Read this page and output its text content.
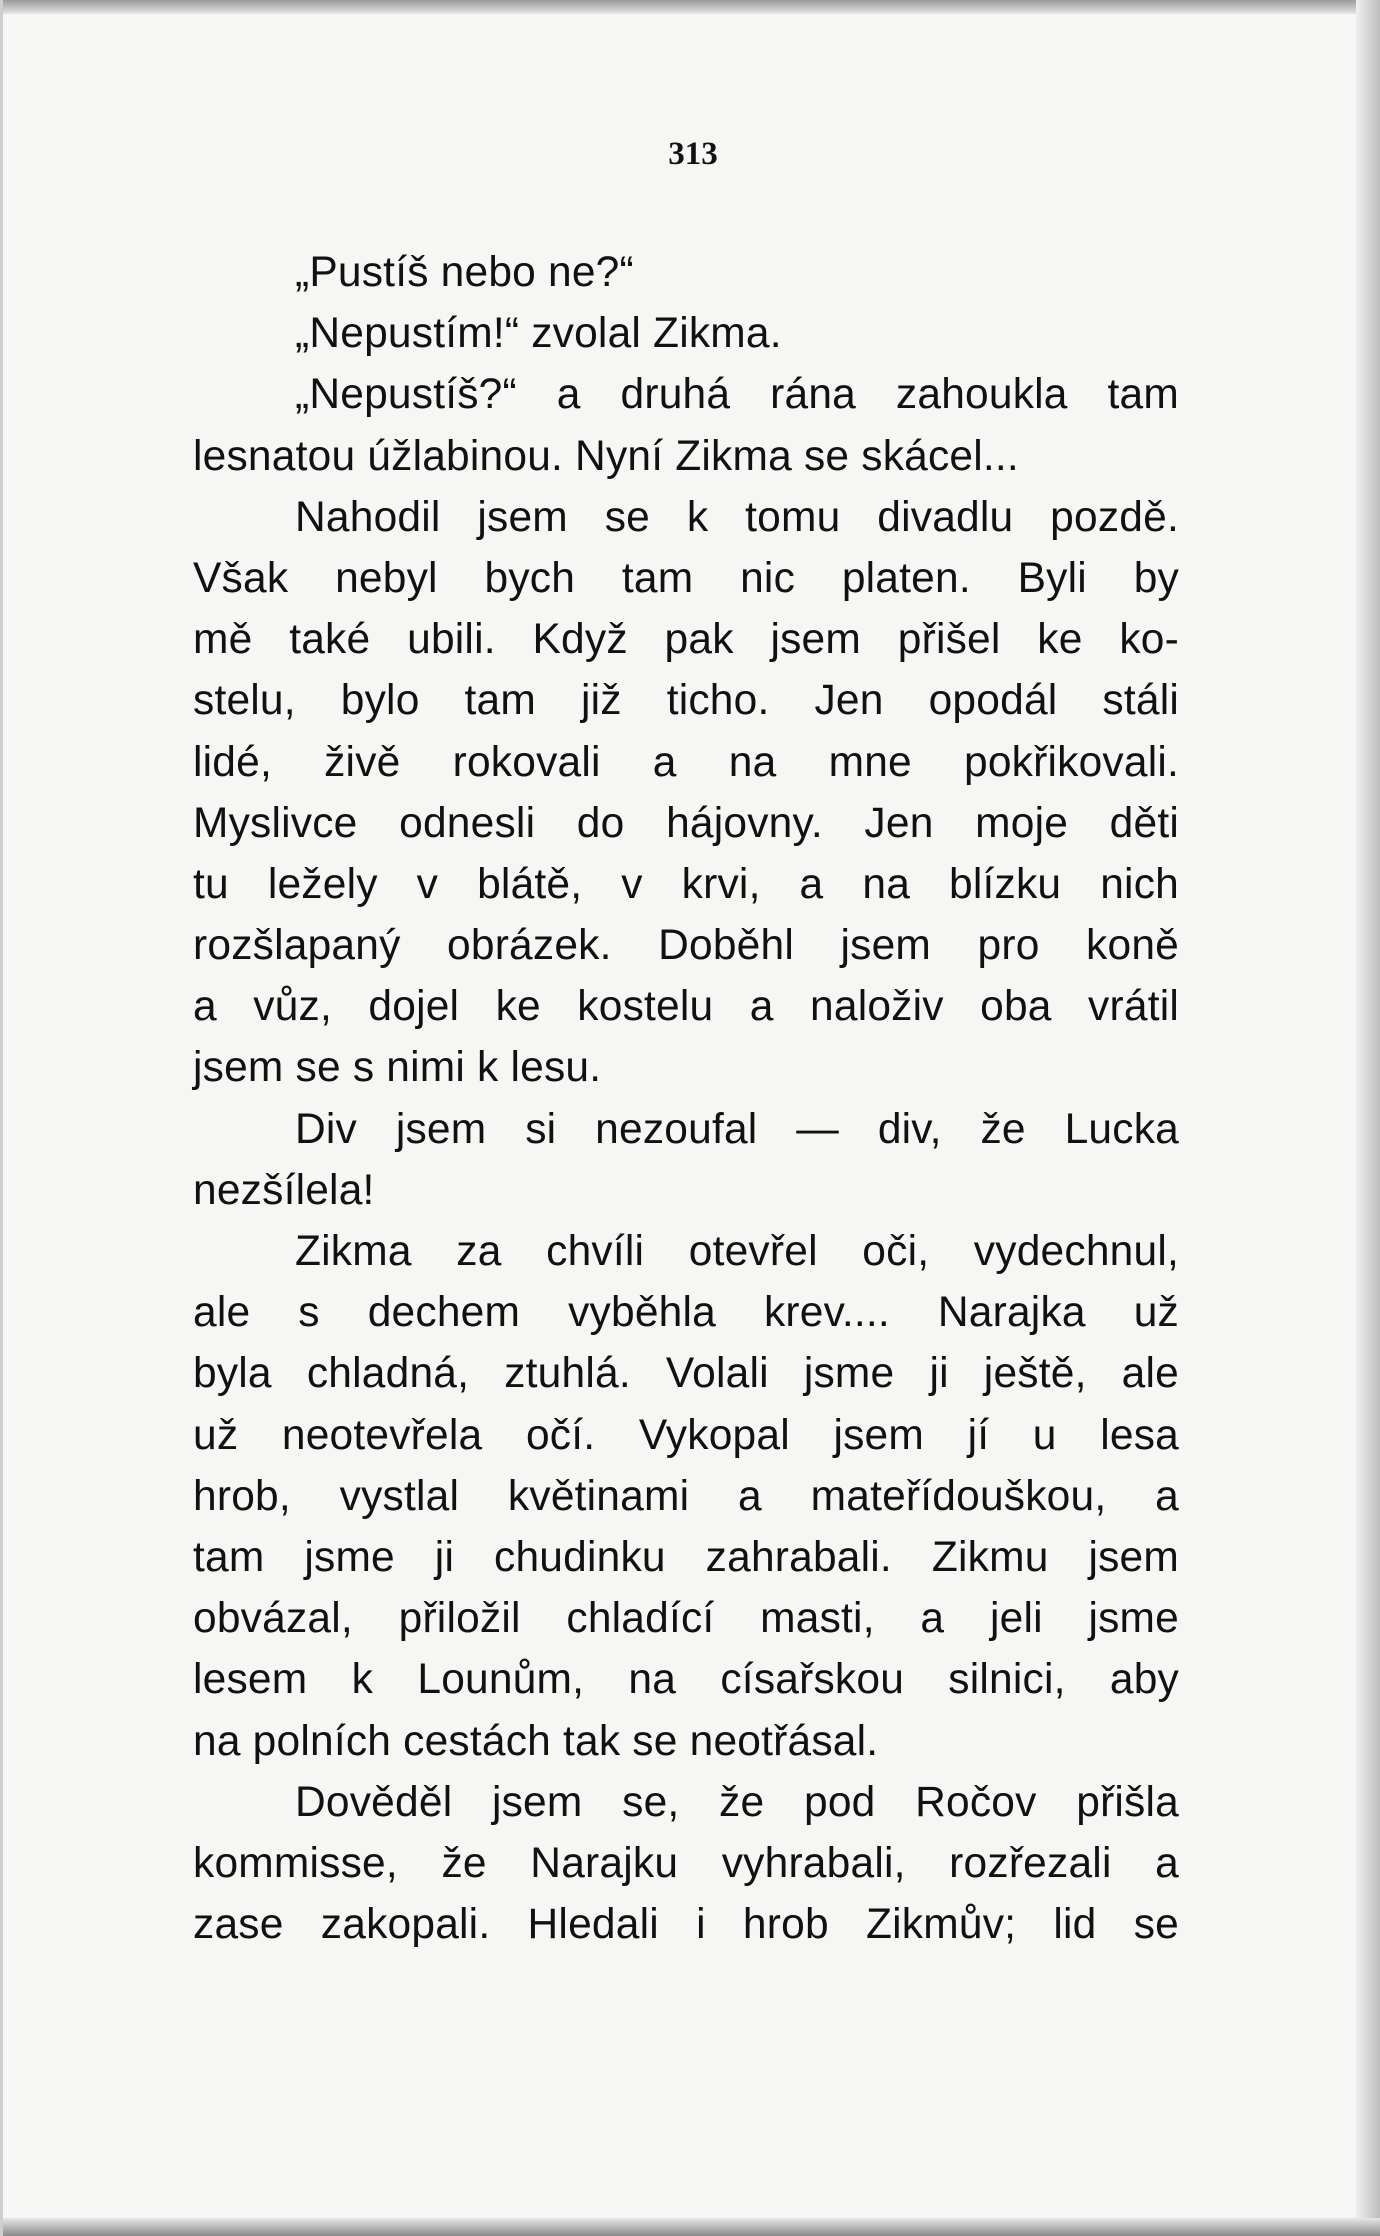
313
„Pustíš nebo ne?“
„Nepustím!“ zvolal Zikma.
„Nepustíš?“ a druhá rána zahoukla tam
lesnatou úžlabinou. Nyní Zikma se skácel...
Nahodil jsem se k tomu divadlu pozdě.
Však nebyl bych tam nic platen. Byli by
mě také ubili. Když pak jsem přišel ke ko-
stelu, bylo tam již ticho. Jen opodál stáli
lidé, živě rokovali a na mne pokřikovali.
Myslivce odnesli do hájovny. Jen moje děti
tu ležely v blátě, v krvi, a na blízku nich
rozšlapaný obrázek. Doběhl jsem pro koně
a vůz, dojel ke kostelu a naloživ oba vrátil
jsem se s nimi k lesu.
Div jsem si nezoufal — div, že Lucka
nezšílela!
Zikma za chvíli otevřel oči, vydechnul,
ale s dechem vyběhla krev.... Narajka už
byla chladná, ztuhlá. Volali jsme ji ještě, ale
už neotevřela očí. Vykopal jsem jí u lesa
hrob, vystlal květinami a mateřídouškou, a
tam jsme ji chudinku zahrabali. Zikmu jsem
obvázal, přiložil chladící masti, a jeli jsme
lesem k Lounům, na císařskou silnici, aby
na polních cestách tak se neotřásal.
Dověděl jsem se, že pod Ročov přišla
kommisse, že Narajku vyhrabali, rozřezali a
zase zakopali. Hledali i hrob Zikmův; lid se
